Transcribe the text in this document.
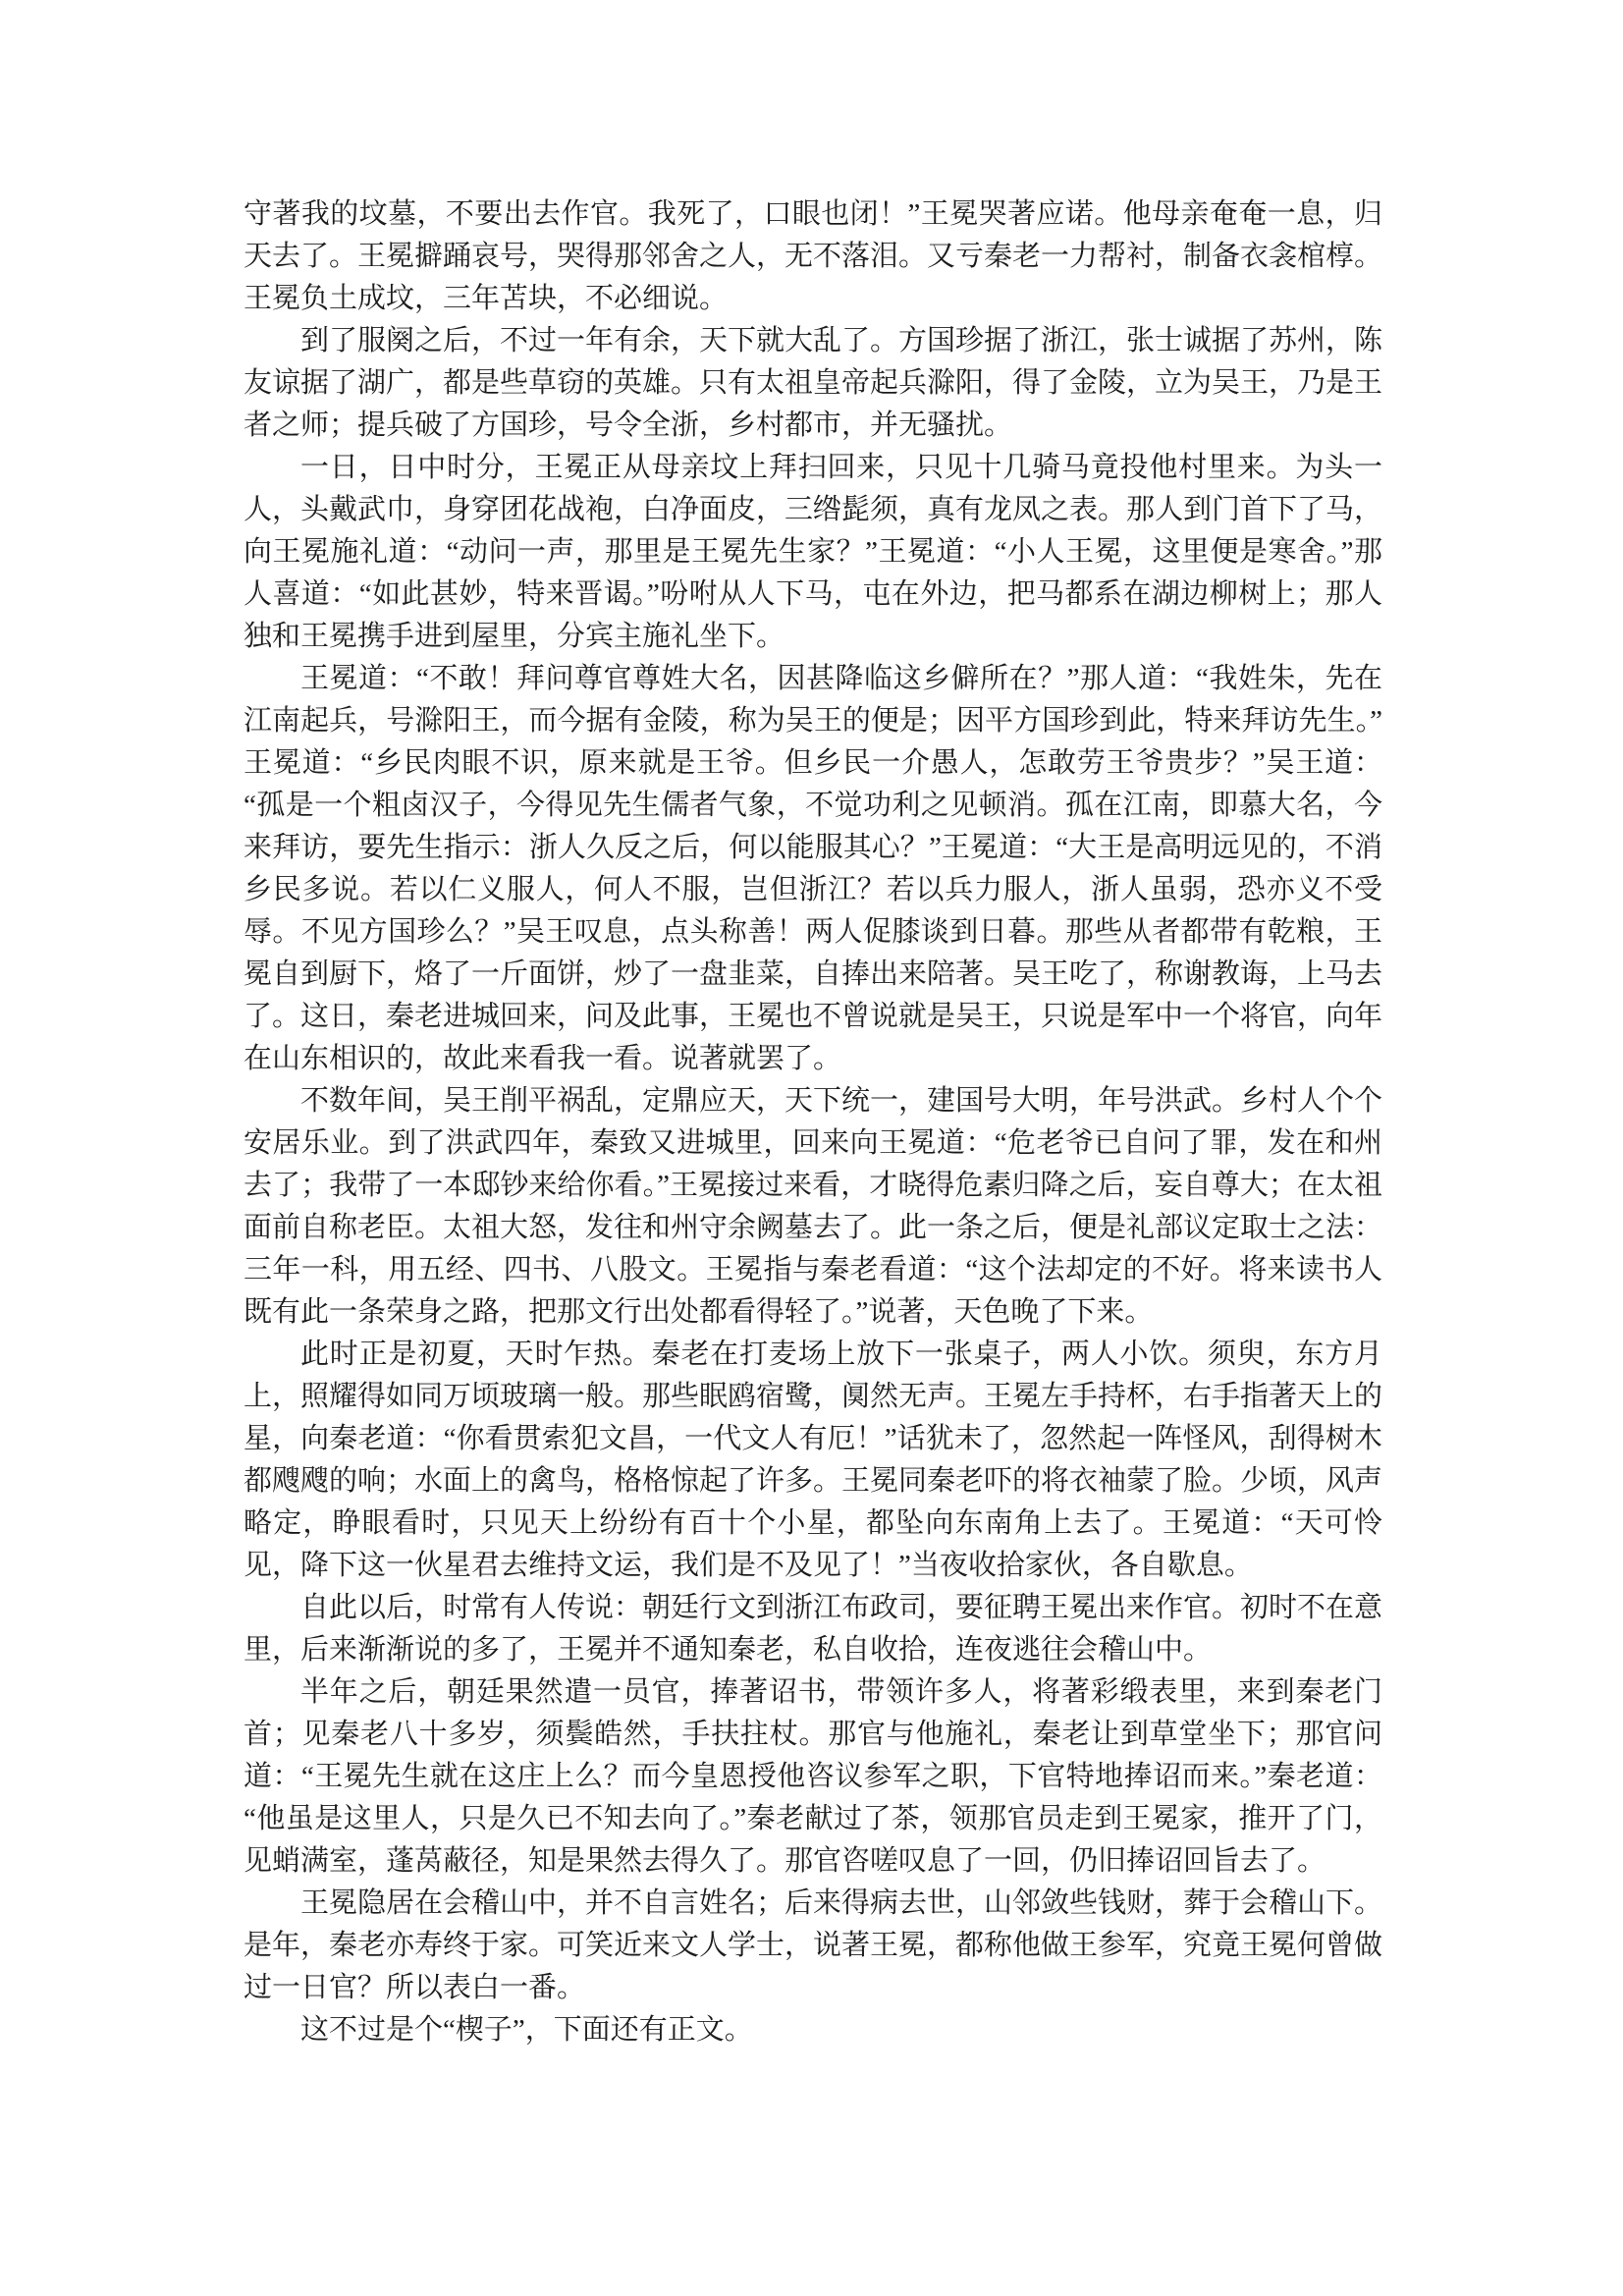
守著我的坟墓，不要出去作官。我死了，口眼也闭！”王冕哭著应诺。他母亲奄奄一息，归天去了。王冕擗踊哀号，哭得那邻舍之人，无不落泪。又亏秦老一力帮衬，制备衣衾棺椁。王冕负土成坟，三年苫块，不必细说。

到了服阕之后，不过一年有余，天下就大乱了。方国珍据了浙江，张士诚据了苏州，陈友谅据了湖广，都是些草窃的英雄。只有太祖皇帝起兵滁阳，得了金陵，立为吴王，乃是王者之师；提兵破了方国珍，号令全浙，乡村都市，并无骚扰。

一日，日中时分，王冕正从母亲坟上拜扫回来，只见十几骑马竟投他村里来。为头一人，头戴武巾，身穿团花战袍，白净面皮，三绺髭须，真有龙凤之表。那人到门首下了马，向王冕施礼道：“动问一声，那里是王冕先生家？”王冕道：“小人王冕，这里便是寒舍。”那人喜道：“如此甚妙，特来晋谒。”吩咐从人下马，屯在外边，把马都系在湖边柳树上；那人独和王冕携手进到屋里，分宾主施礼坐下。

王冕道：“不敢！拜问尊官尊姓大名，因甚降临这乡僻所在？”那人道：“我姓朱，先在江南起兵，号滁阳王，而今据有金陵，称为吴王的便是；因平方国珍到此，特来拜访先生。”王冕道：“乡民肉眼不识，原来就是王爷。但乡民一介愚人，怎敢劳王爷贵步？”吴王道：“孤是一个粗卤汉子，今得见先生儒者气象，不觉功利之见顿消。孤在江南，即慕大名，今来拜访，要先生指示：浙人久反之后，何以能服其心？”王冕道：“大王是高明远见的，不消乡民多说。若以仁义服人，何人不服，岂但浙江？若以兵力服人，浙人虽弱，恐亦义不受辱。不见方国珍么？”吴王叹息，点头称善！两人促膝谈到日暮。那些从者都带有乾粮，王冕自到厨下，烙了一斤面饼，炒了一盘韭菜，自捧出来陪著。吴王吃了，称谢教诲，上马去了。这日，秦老进城回来，问及此事，王冕也不曾说就是吴王，只说是军中一个将官，向年在山东相识的，故此来看我一看。说著就罢了。

不数年间，吴王削平祸乱，定鼎应天，天下统一，建国号大明，年号洪武。乡村人个个安居乐业。到了洪武四年，秦致又进城里，回来向王冕道：“危老爷已自问了罪，发在和州去了；我带了一本邸钞来给你看。”王冕接过来看，才晓得危素归降之后，妄自尊大；在太祖面前自称老臣。太祖大怒，发往和州守余阙墓去了。此一条之后，便是礼部议定取士之法：三年一科，用五经、四书、八股文。王冕指与秦老看道：“这个法却定的不好。将来读书人既有此一条荣身之路，把那文行出处都看得轻了。”说著，天色晚了下来。

此时正是初夏，天时乍热。秦老在打麦场上放下一张桌子，两人小饮。须臾，东方月上，照耀得如同万顷玻璃一般。那些眠鸥宿鹭，阒然无声。王冕左手持杯，右手指著天上的星，向秦老道：“你看贯索犯文昌，一代文人有厄！”话犹未了，忽然起一阵怪风，刮得树木都飕飕的响；水面上的禽鸟，格格惊起了许多。王冕同秦老吓的将衣袖蒙了脸。少顷，风声略定，睁眼看时，只见天上纷纷有百十个小星，都坠向东南角上去了。王冕道：“天可怜见，降下这一伙星君去维持文运，我们是不及见了！”当夜收拾家伙，各自歇息。

自此以后，时常有人传说：朝廷行文到浙江布政司，要征聘王冕出来作官。初时不在意里，后来渐渐说的多了，王冕并不通知秦老，私自收拾，连夜逃往会稽山中。

半年之后，朝廷果然遣一员官，捧著诏书，带领许多人，将著彩缎表里，来到秦老门首；见秦老八十多岁，须鬓皓然，手扶拄杖。那官与他施礼，秦老让到草堂坐下；那官问道：“王冕先生就在这庄上么？而今皇恩授他咨议参军之职，下官特地捧诏而来。”秦老道：“他虽是这里人，只是久已不知去向了。”秦老献过了茶，领那官员走到王冕家，推开了门，见蛸满室，蓬莴蔽径，知是果然去得久了。那官咨嗟叹息了一回，仍旧捧诏回旨去了。

王冕隐居在会稽山中，并不自言姓名；后来得病去世，山邻敛些钱财，葬于会稽山下。是年，秦老亦寿终于家。可笑近来文人学士，说著王冕，都称他做王参军，究竟王冕何曾做过一日官？所以表白一番。

这不过是个“楔子”，下面还有正文。
